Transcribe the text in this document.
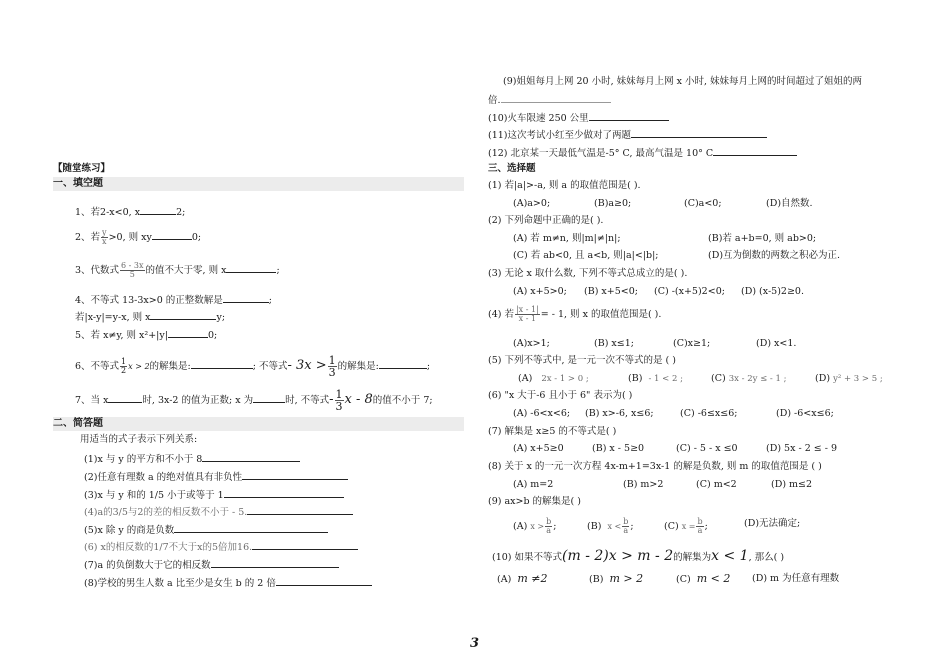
【随堂练习】
一、填空题
1、若2-x<0, x	2;
2、若 $\frac{y}{x} >0$, 则 xy	0;
3、代数式 $\frac{6 - 3x}{5}$ 的值不大于零, 则 x	;
4、不等式 13-3x>0 的正整数解是	;
若|x-y|=y-x, 则 x	y;
5、若 x≠y, 则 x²+|y|	0;
6、不等式 $\frac{1}{2}$ x > 2的解集是:	; 不等式- $3x > \frac{1}{3}$ 的解集是:	;
7、当 x	时, 3x-2 的值为正数; x 为	时, 不等式- $\frac{1}{3}$ x - 8的值不小于 7;
二、简答题
用适当的式子表示下列关系:
(1)x 与 y 的平方和不小于 8
(2)任意有理数 a 的绝对值具有非负性
(3)x 与 y 和的 1/5 小于或等于 1
(4)a的3/5与2的差的相反数不小于 - 5.
(5)x 除 y 的商是负数
(6) x的相反数的1/7不大于x的5倍加16.
(7)a 的负倒数大于它的相反数
(8)学校的男生人数 a 比至少是女生 b 的 2 倍
(9)姐姐每月上网 20 小时, 妹妹每月上网 x 小时, 妹妹每月上网的时间超过了姐姐的两
倍.
(10)火车限速 250 公里
(11)这次考试小红至少做对了两题
(12) 北京某一天最低气温是-5° C, 最高气温是 10° C
三、选择题
(1) 若|a|>-a, 则 a 的取值范围是( ).
(A)a>0;	(B)a≥0;	(C)a<0;	(D)自然数.
(2) 下列命题中正确的是( ).
(A) 若 m≠n, 则|m|≠|n|;	(B)若 a+b=0, 则 ab>0;
(C) 若 ab<0, 且 a<b, 则|a|<|b|;	(D)互为倒数的两数之积必为正.
(3) 无论 x 取什么数, 下列不等式总成立的是( ).
(A) x+5>0; (B) x+5<0; (C) -(x+5)2<0; (D) (x-5)2≥0.
(4) 若 $\frac{|x - 1|}{x - 1}$ = - 1, 则 x 的取值范围是( ).
(A)x>1;	(B) x≤1;	(C)x≥1;	(D) x<1.
(5) 下列不等式中, 是一元一次不等式的是 ( )
(A) 2x - 1 > 0 ;	(B) - 1 < 2 ;	(C) 3x - 2y ≤ - 1 ;	(D) y² + 3 > 5 ;
(6) "x 大于-6 且小于 6" 表示为( )
(A) -6<x<6; (B) x>-6, x≤6;	(C) -6≤x≤6;	(D) -6<x≤6;
(7) 解集是 x≥5 的不等式是( )
(A) x+5≥0	(B) x - 5≥0	(C) - 5 - x ≤0	(D) 5x - 2 ≤ - 9
(8) 关于 x 的一元一次方程 4x-m+1=3x-1 的解是负数, 则 m 的取值范围是 ( )
(A) m=2	(B) m>2	(C) m<2	(D) m≤2
(9) ax>b 的解集是( )
(A) $x > \frac{b}{a}$ ;	(B) $x < \frac{b}{a}$ ;	(C) $x = \frac{b}{a}$ ;	(D)无法确定;
(10) 如果不等式(m - 2)x > m - 2的解集为x < 1, 那么( )
(A) m ≠2	(B) m > 2	(C) m < 2 (D) m 为任意有理数
3
